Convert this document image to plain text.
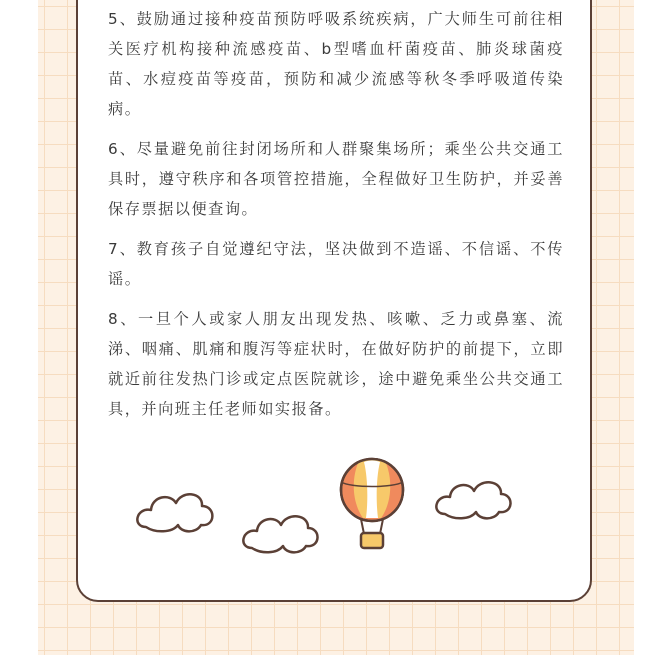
5、鼓励通过接种疫苗预防呼吸系统疾病，广大师生可前往相关医疗机构接种流感疫苗、b型嗜血杆菌疫苗、肺炎球菌疫苗、水痘疫苗等疫苗，预防和减少流感等秋冬季呼吸道传染病。

6、尽量避免前往封闭场所和人群聚集场所；乘坐公共交通工具时，遵守秩序和各项管控措施，全程做好卫生防护，并妥善保存票据以便查询。

7、教育孩子自觉遵纪守法，坚决做到不造谣、不信谣、不传谣。

8、一旦个人或家人朋友出现发热、咳嗽、乏力或鼻塞、流涕、咽痛、肌痛和腹泻等症状时，在做好防护的前提下，立即就近前往发热门诊或定点医院就诊，途中避免乘坐公共交通工具，并向班主任老师如实报备。
